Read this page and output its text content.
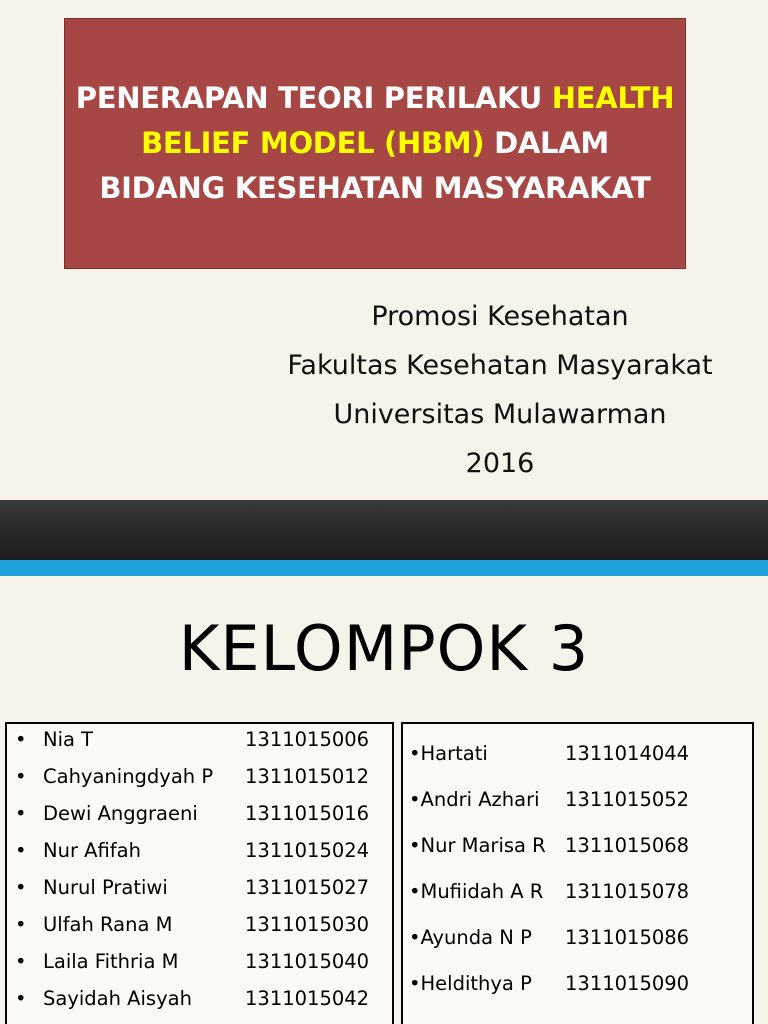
PENERAPAN TEORI PERILAKU HEALTH
BELIEF MODEL (HBM) DALAM
BIDANG KESEHATAN MASYARAKAT
Promosi Kesehatan
Fakultas Kesehatan Masyarakat
Universitas Mulawarman
2016
KELOMPOK 3
• Nia T	1311015006
• Cahyaningdyah P 1311015012
• Dewi Anggraeni 1311015016
• Nur Afifah	1311015024
• Nurul Pratiwi	1311015027
• Ulfah Rana M	1311015030
• Laila Fithria M	1311015040
• Sayidah Aisyah	1311015042
•Hartati	1311014044
•Andri Azhari 1311015052
•Nur Marisa R 1311015068
•Mufiidah A R 1311015078
•Ayunda N P 1311015086
•Heldithya P 1311015090
